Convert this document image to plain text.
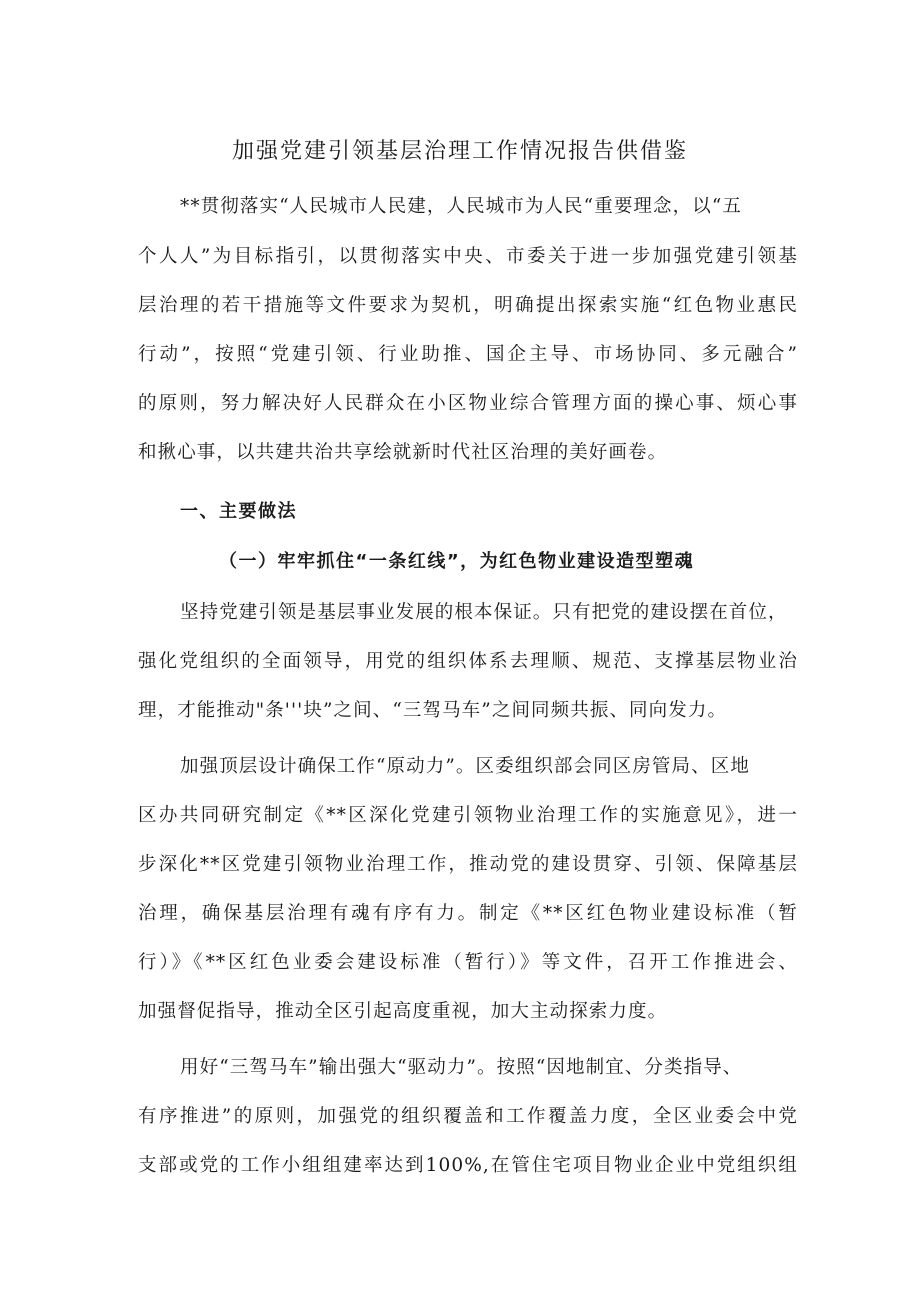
加强党建引领基层治理工作情况报告供借鉴
**贯彻落实“人民城市人民建，人民城市为人民“重要理念，以“五
个人人”为目标指引，以贯彻落实中央、市委关于进一步加强党建引领基
层治理的若干措施等文件要求为契机，明确提出探索实施“红色物业惠民
行动”，按照“党建引领、行业助推、国企主导、市场协同、多元融合”
的原则，努力解决好人民群众在小区物业综合管理方面的操心事、烦心事
和揪心事，以共建共治共享绘就新时代社区治理的美好画卷。
一、主要做法
（一）牢牢抓住“一条红线”，为红色物业建设造型塑魂
坚持党建引领是基层事业发展的根本保证。只有把党的建设摆在首位，
强化党组织的全面领导，用党的组织体系去理顺、规范、支撑基层物业治
理，才能推动"条'''块”之间、“三驾马车”之间同频共振、同向发力。
加强顶层设计确保工作“原动力”。区委组织部会同区房管局、区地
区办共同研究制定《**区深化党建引领物业治理工作的实施意见》，进一
步深化**区党建引领物业治理工作，推动党的建设贯穿、引领、保障基层
治理，确保基层治理有魂有序有力。制定《**区红色物业建设标准（暂
行）》《**区红色业委会建设标准（暂行）》等文件，召开工作推进会、
加强督促指导，推动全区引起高度重视，加大主动探索力度。
用好“三驾马车”输出强大“驱动力”。按照“因地制宜、分类指导、
有序推进”的原则，加强党的组织覆盖和工作覆盖力度，全区业委会中党
支部或党的工作小组组建率达到100%,在管住宅项目物业企业中党组织组
